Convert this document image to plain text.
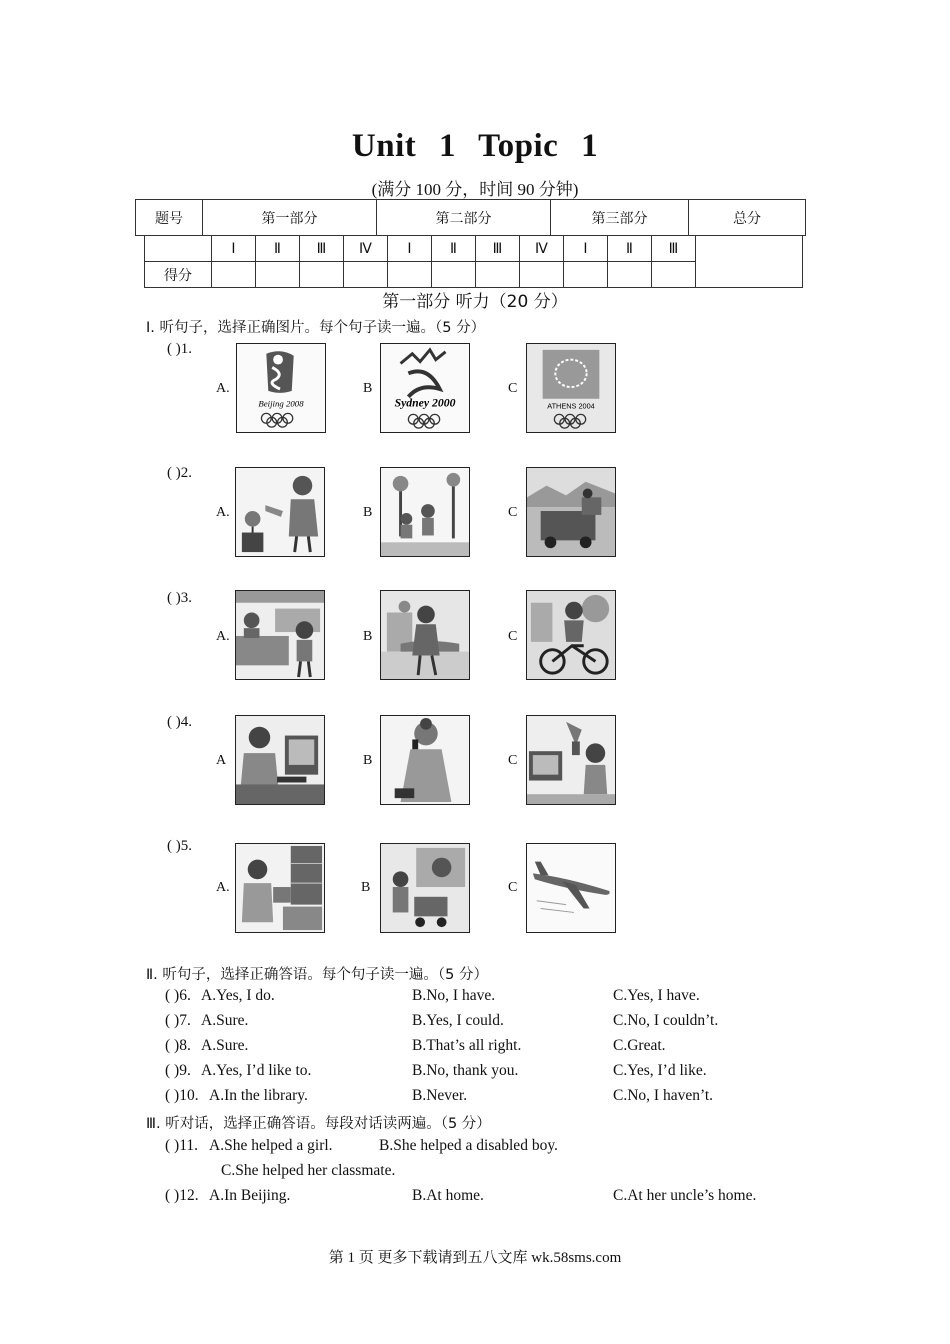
Unit 1 Topic 1
(满分 100 分，时间 90 分钟)
题号	第一部分	第二部分	第三部分	总分
	Ⅰ	Ⅱ	Ⅲ	Ⅳ	Ⅰ	Ⅱ	Ⅲ	Ⅳ	Ⅰ	Ⅱ	Ⅲ	
得分												
第一部分 听力（20 分）
Ⅰ. 听句子，选择正确图片。每个句子读一遍。（5 分）
( )1.
A.
Beijing 2008
B
Sydney 2000
C
ATHENS 2004
( )2.
A.	B	C
( )3.
A.	B	C
( )4.
A	B	C
( )5.
A.	B	C
Ⅱ. 听句子，选择正确答语。每个句子读一遍。（5 分）
( )6. A.Yes, I do.	B.No, I have.	C.Yes, I have.
( )7. A.Sure.	B.Yes, I could.	C.No, I couldn’t.
( )8. A.Sure.	B.That’s all right.	C.Great.
( )9. A.Yes, I’d like to.	B.No, thank you.	C.Yes, I’d like.
( )10. A.In the library.	B.Never.	C.No, I haven’t.
Ⅲ. 听对话，选择正确答语。每段对话读两遍。（5 分）
( )11. A.She helped a girl.	B.She helped a disabled boy.
C.She helped her classmate.
( )12. A.In Beijing.	B.At home.	C.At her uncle’s home.
第 1 页 更多下载请到五八文库 wk.58sms.com
